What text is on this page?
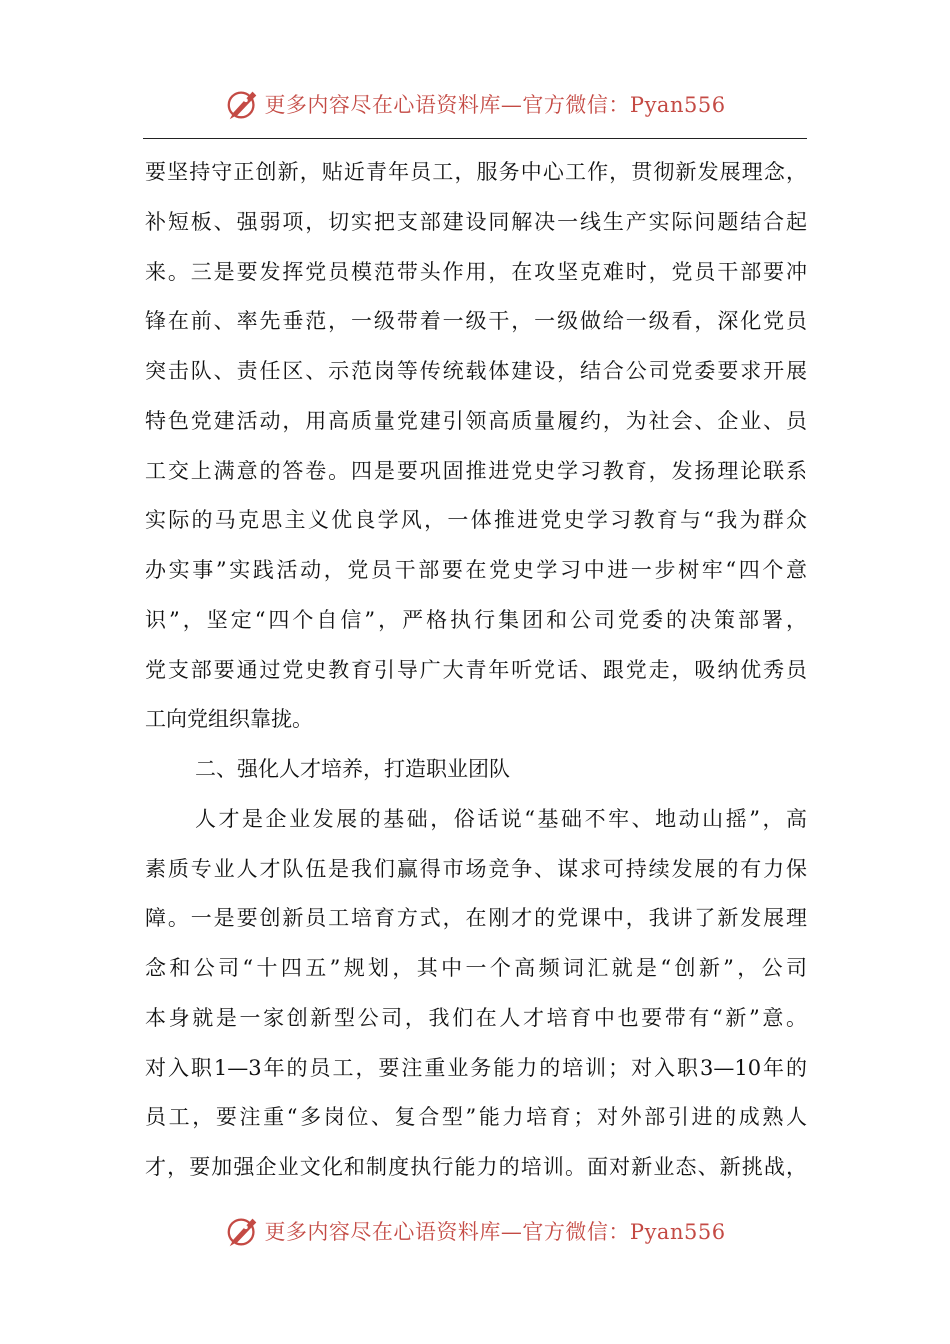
更多内容尽在心语资料库—官方微信：Pyan556
要坚持守正创新，贴近青年员工，服务中心工作，贯彻新发展理念，
补短板、强弱项，切实把支部建设同解决一线生产实际问题结合起
来。三是要发挥党员模范带头作用，在攻坚克难时，党员干部要冲
锋在前、率先垂范，一级带着一级干，一级做给一级看，深化党员
突击队、责任区、示范岗等传统载体建设，结合公司党委要求开展
特色党建活动，用高质量党建引领高质量履约，为社会、企业、员
工交上满意的答卷。四是要巩固推进党史学习教育，发扬理论联系
实际的马克思主义优良学风，一体推进党史学习教育与“我为群众
办实事”实践活动，党员干部要在党史学习中进一步树牢“四个意
识”，坚定“四个自信”，严格执行集团和公司党委的决策部署，
党支部要通过党史教育引导广大青年听党话、跟党走，吸纳优秀员
工向党组织靠拢。
二、强化人才培养，打造职业团队
人才是企业发展的基础，俗话说“基础不牢、地动山摇”，高
素质专业人才队伍是我们赢得市场竞争、谋求可持续发展的有力保
障。一是要创新员工培育方式，在刚才的党课中，我讲了新发展理
念和公司“十四五”规划，其中一个高频词汇就是“创新”，公司
本身就是一家创新型公司，我们在人才培育中也要带有“新”意。
对入职1—3年的员工，要注重业务能力的培训；对入职3—10年的
员工，要注重“多岗位、复合型”能力培育；对外部引进的成熟人
才，要加强企业文化和制度执行能力的培训。面对新业态、新挑战，
更多内容尽在心语资料库—官方微信：Pyan556
